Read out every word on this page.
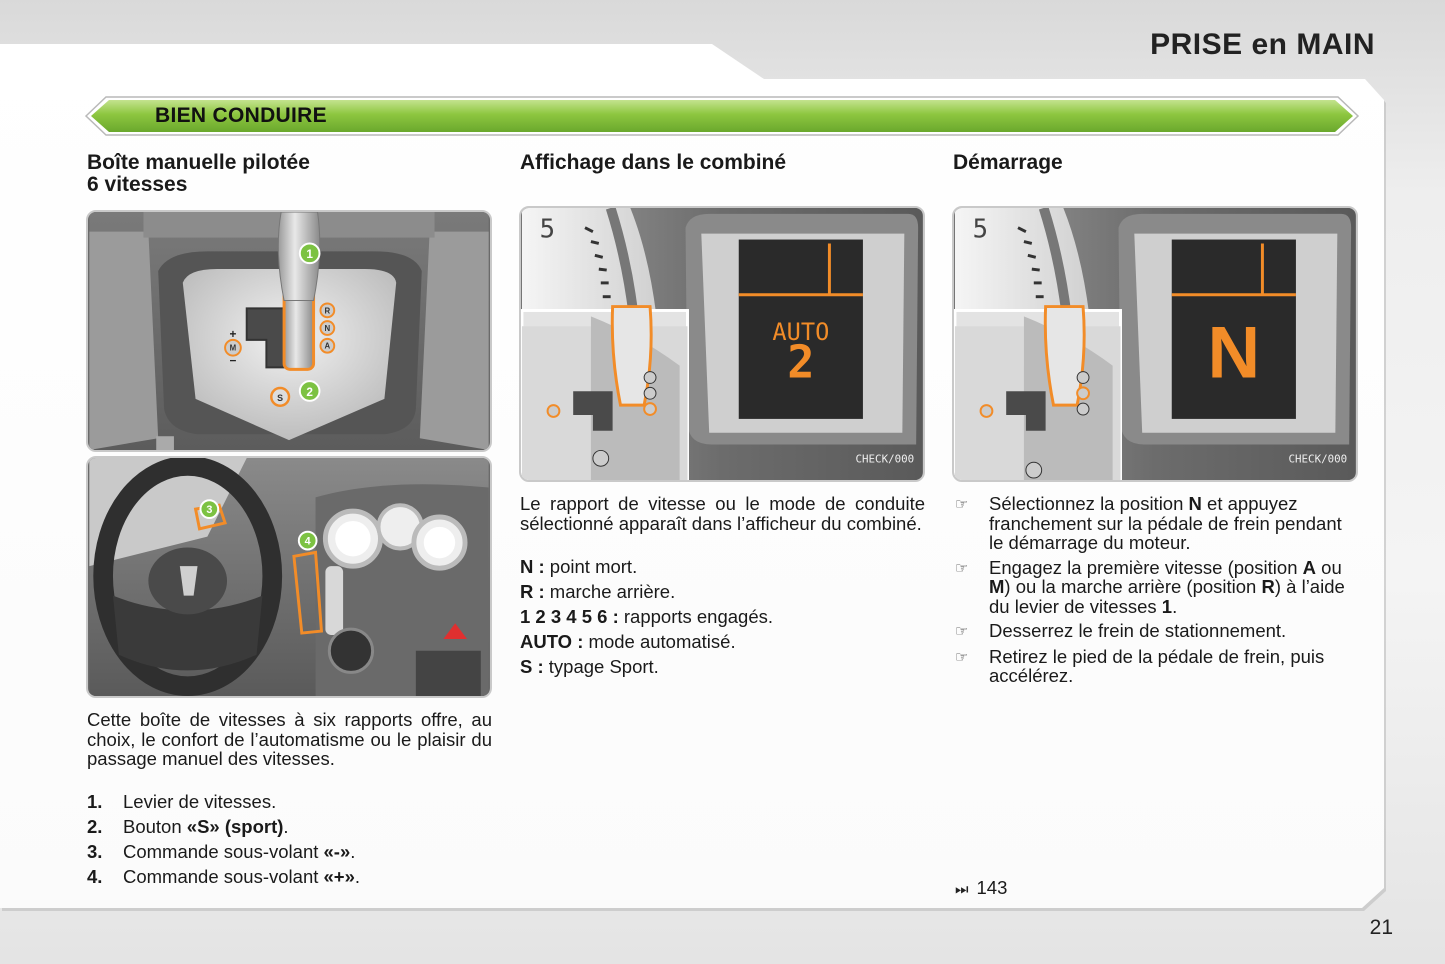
PRISE en MAIN
BIEN CONDUIRE
Boîte manuelle pilotée
6 vitesses
1
R
N
A
M
+
−
S 2
3
4
Cette boîte de vitesses à six rapports offre, au choix, le confort de l’automatisme ou le plaisir du passage manuel des vitesses.
1.	Levier de vitesses.
2.	Bouton «S» (sport).
3.	Commande sous-volant «-».
4.	Commande sous-volant «+».
Affichage dans le combiné
5
AUTO
2
CHECK/000
Le rapport de vitesse ou le mode de conduite sélectionné apparaît dans l’afficheur du combiné.
N : point mort.
R : marche arrière.
1 2 3 4 5 6 : rapports engagés.
AUTO : mode automatisé.
S : typage Sport.
Démarrage
5
N
CHECK/000
☞	Sélectionnez la position N et appuyez franchement sur la pédale de frein pendant le démarrage du moteur.
☞	Engagez la première vitesse (position A ou M) ou la marche arrière (position R) à l’aide du levier de vitesses 1.
☞	Desserrez le frein de stationnement.
☞	Retirez le pied de la pédale de frein, puis accélérez.
⏭ 143
21
